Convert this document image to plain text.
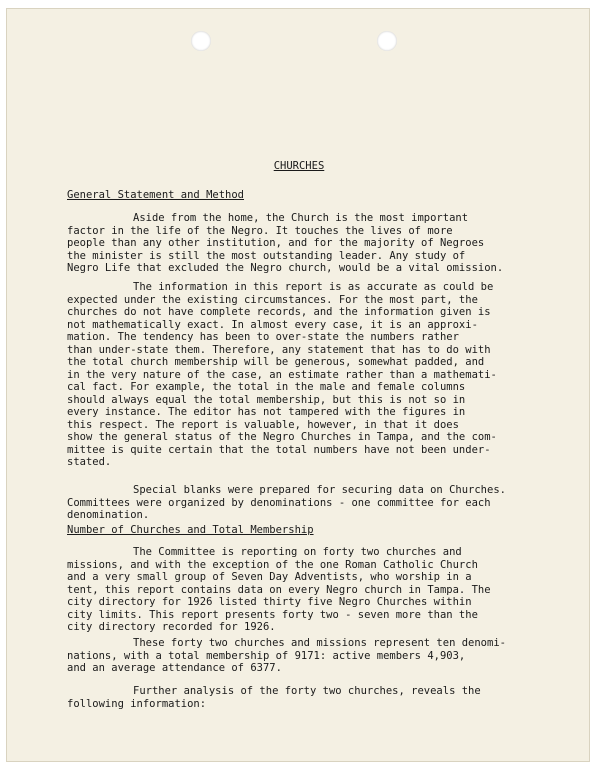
CHURCHES
General Statement and Method
Aside from the home, the Church is the most important
factor in the life of the Negro. It touches the lives of more
people than any other institution, and for the majority of Negroes
the minister is still the most outstanding leader. Any study of
Negro Life that excluded the Negro church, would be a vital omission.
The information in this report is as accurate as could be
expected under the existing circumstances. For the most part, the
churches do not have complete records, and the information given is
not mathematically exact. In almost every case, it is an approxi-
mation. The tendency has been to over-state the numbers rather
than under-state them. Therefore, any statement that has to do with
the total church membership will be generous, somewhat padded, and
in the very nature of the case, an estimate rather than a mathemati-
cal fact. For example, the total in the male and female columns
should always equal the total membership, but this is not so in
every instance. The editor has not tampered with the figures in
this respect. The report is valuable, however, in that it does
show the general status of the Negro Churches in Tampa, and the com-
mittee is quite certain that the total numbers have not been under-
stated.
Special blanks were prepared for securing data on Churches.
Committees were organized by denominations - one committee for each
denomination.
Number of Churches and Total Membership
The Committee is reporting on forty two churches and
missions, and with the exception of the one Roman Catholic Church
and a very small group of Seven Day Adventists, who worship in a
tent, this report contains data on every Negro church in Tampa. The
city directory for 1926 listed thirty five Negro Churches within
city limits. This report presents forty two - seven more than the
city directory recorded for 1926.
These forty two churches and missions represent ten denomi-
nations, with a total membership of 9171: active members 4,903,
and an average attendance of 6377.
Further analysis of the forty two churches, reveals the
following information:
